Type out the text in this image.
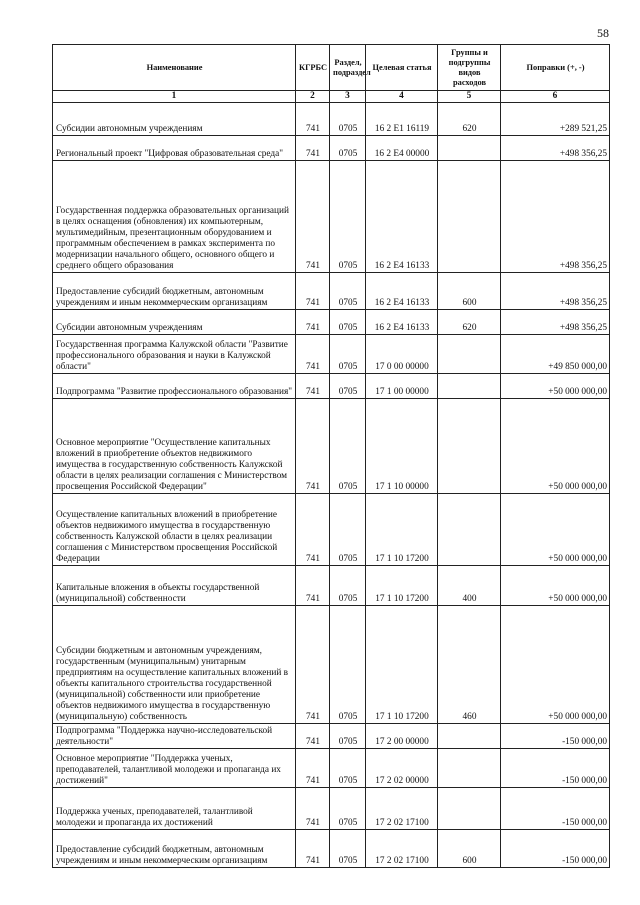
58
Наименование	КГРБС	Раздел, подраздел	Целевая статья	Группы и подгруппы видов расходов	Поправки (+, -)
1	2	3	4	5	6
Субсидии автономным учреждениям	741	0705	16 2 Е1 16119	620	+289 521,25
Региональный проект "Цифровая образовательная среда"	741	0705	16 2 Е4 00000		+498 356,25
Государственная поддержка образовательных организаций в целях оснащения (обновления) их компьютерным, мультимедийным, презентационным оборудованием и программным обеспечением в рамках эксперимента по модернизации начального общего, основного общего и среднего общего образования	741	0705	16 2 Е4 16133		+498 356,25
Предоставление субсидий бюджетным, автономным учреждениям и иным некоммерческим организациям	741	0705	16 2 Е4 16133	600	+498 356,25
Субсидии автономным учреждениям	741	0705	16 2 Е4 16133	620	+498 356,25
Государственная программа Калужской области "Развитие профессионального образования и науки в Калужской области"	741	0705	17 0 00 00000		+49 850 000,00
Подпрограмма "Развитие профессионального образования"	741	0705	17 1 00 00000		+50 000 000,00
Основное мероприятие "Осуществление капитальных вложений в приобретение объектов недвижимого имущества в государственную собственность Калужской области в целях реализации соглашения с Министерством просвещения Российской Федерации"	741	0705	17 1 10 00000		+50 000 000,00
Осуществление капитальных вложений в приобретение объектов недвижимого имущества в государственную собственность Калужской области в целях реализации соглашения с Министерством просвещения Российской Федерации	741	0705	17 1 10 17200		+50 000 000,00
Капитальные вложения в объекты государственной (муниципальной) собственности	741	0705	17 1 10 17200	400	+50 000 000,00
Субсидии бюджетным и автономным учреждениям, государственным (муниципальным) унитарным предприятиям на осуществление капитальных вложений в объекты капитального строительства государственной (муниципальной) собственности или приобретение объектов недвижимого имущества в государственную (муниципальную) собственность	741	0705	17 1 10 17200	460	+50 000 000,00
Подпрограмма "Поддержка научно-исследовательской деятельности"	741	0705	17 2 00 00000		-150 000,00
Основное мероприятие "Поддержка ученых, преподавателей, талантливой молодежи и пропаганда их достижений"	741	0705	17 2 02 00000		-150 000,00
Поддержка ученых, преподавателей, талантливой молодежи и пропаганда их достижений	741	0705	17 2 02 17100		-150 000,00
Предоставление субсидий бюджетным, автономным учреждениям и иным некоммерческим организациям	741	0705	17 2 02 17100	600	-150 000,00
